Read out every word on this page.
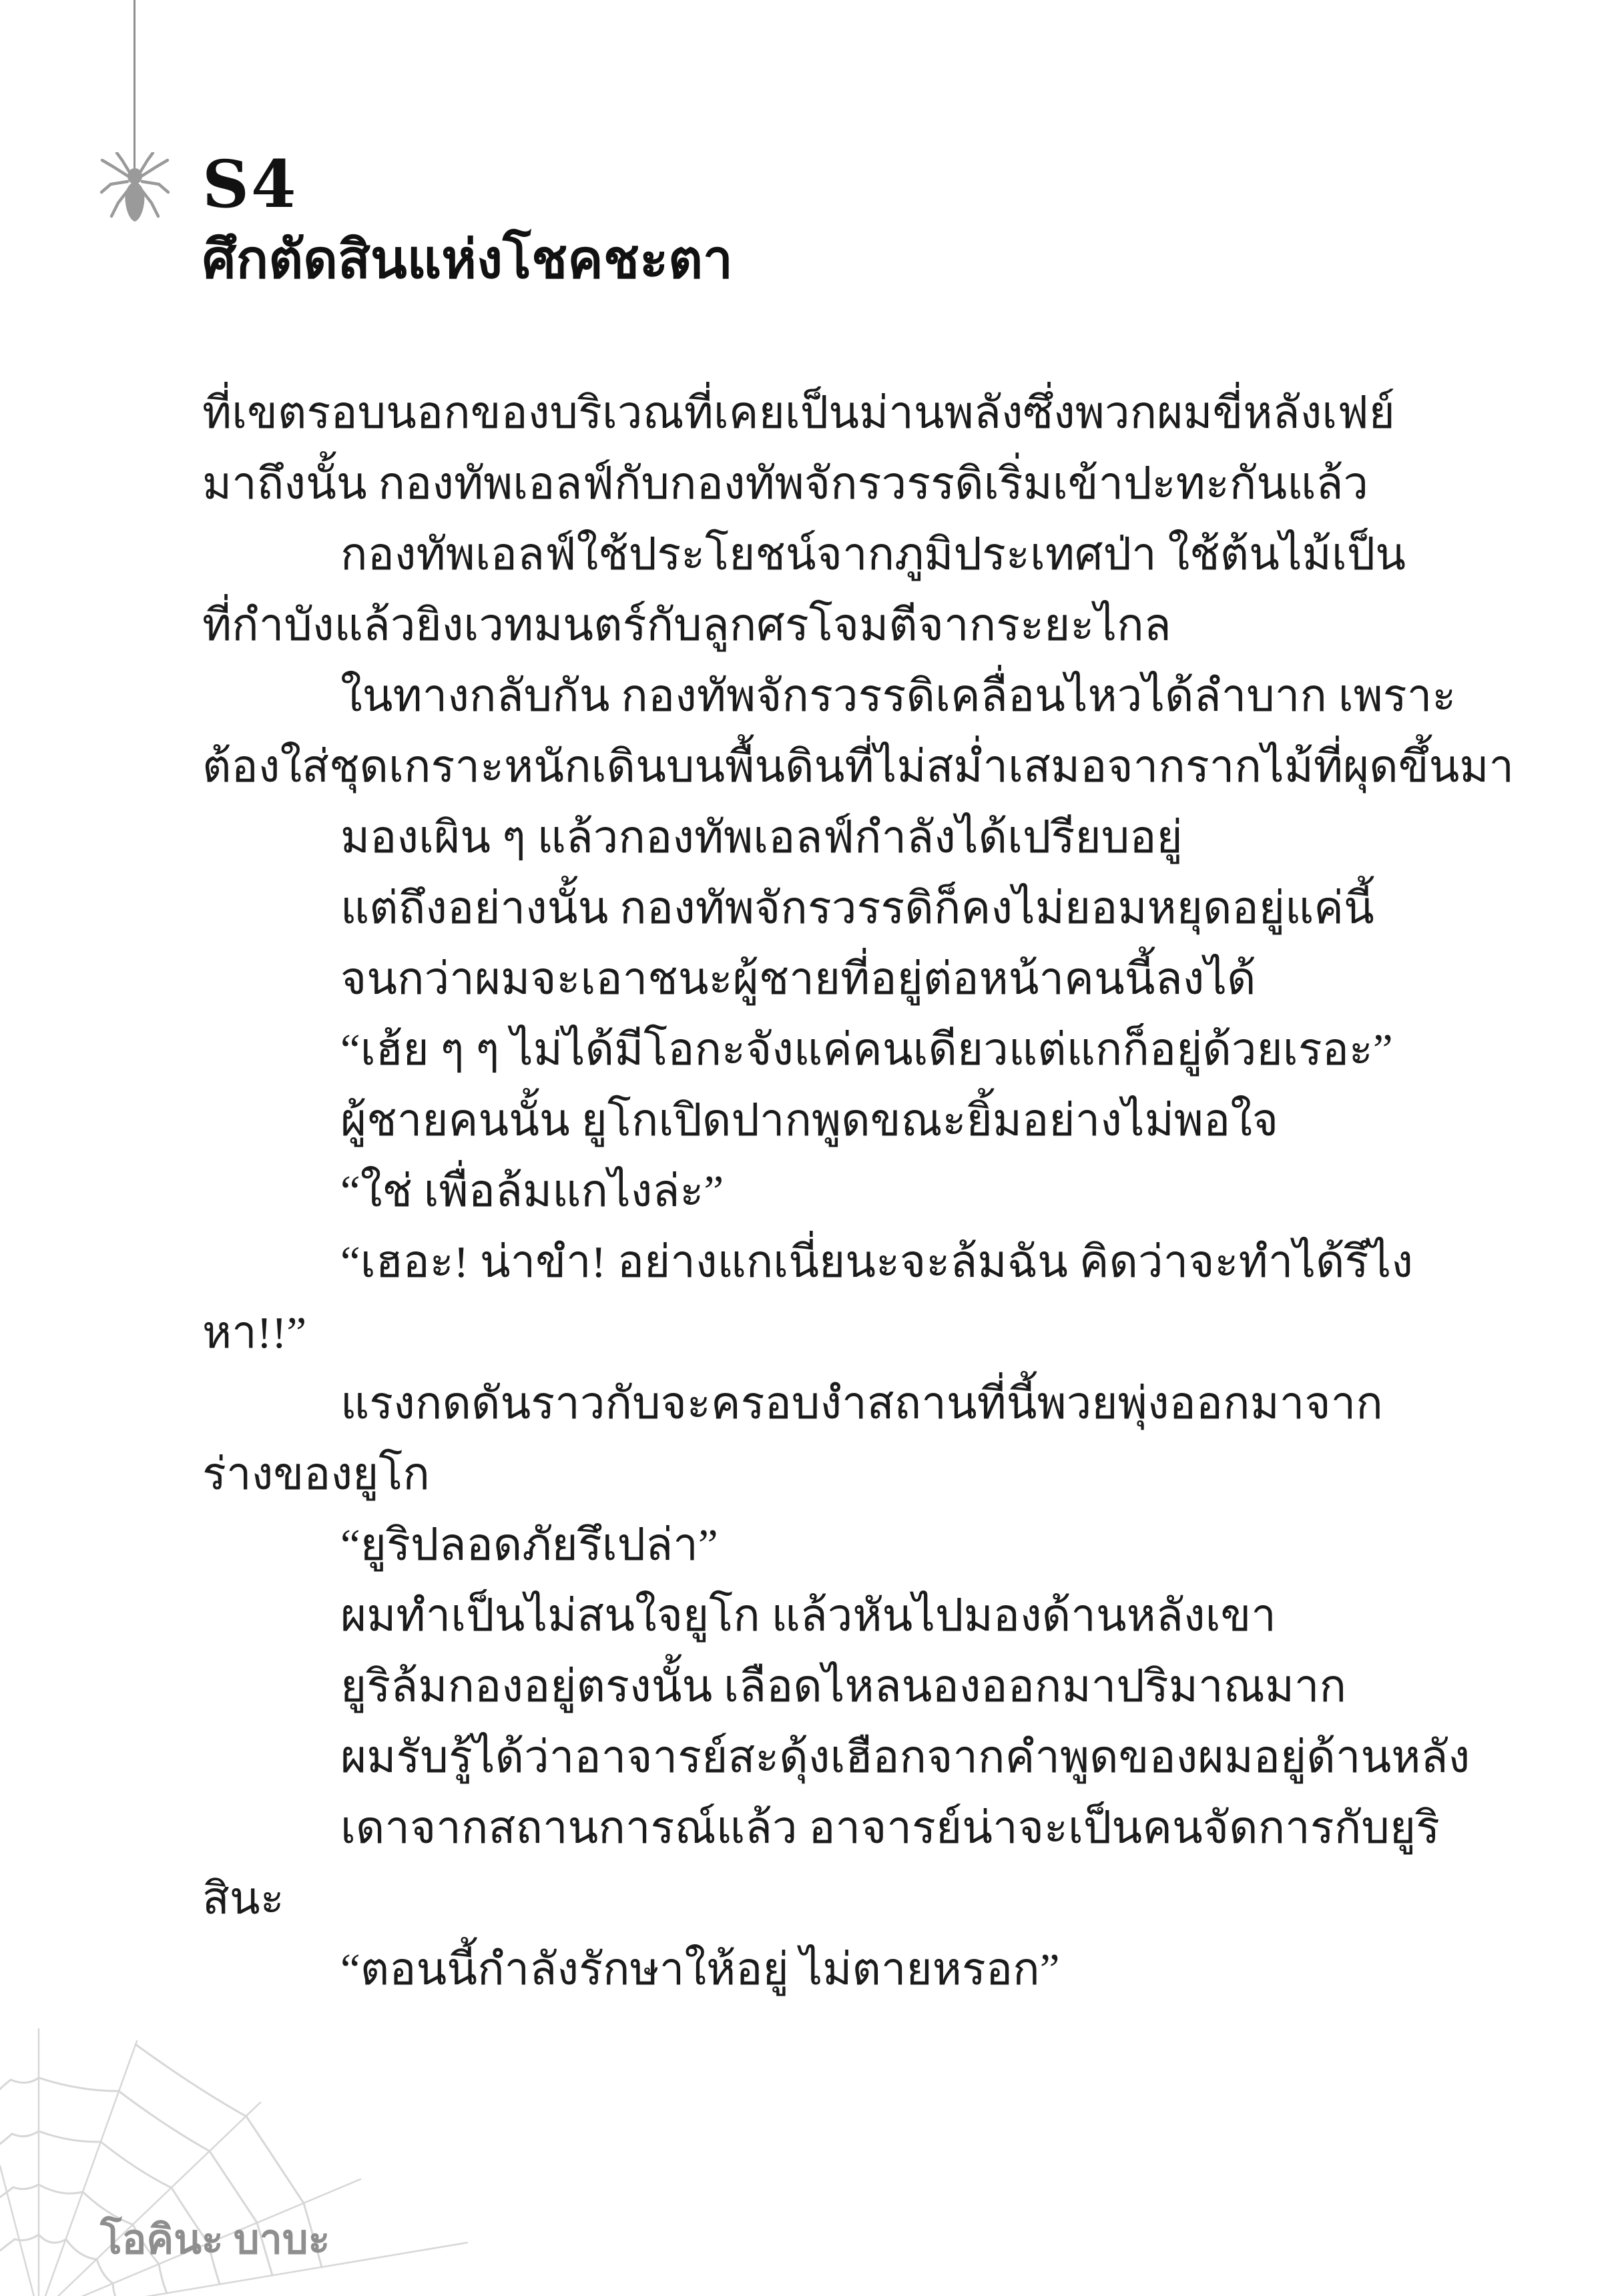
S4
ศึกตัดสินแห่งโชคชะตา
ที่เขตรอบนอกของบริเวณที่เคยเป็นม่านพลังซึ่งพวกผมขี่หลังเฟย์
มาถึงนั้น กองทัพเอลฟ์กับกองทัพจักรวรรดิเริ่มเข้าปะทะกันแล้ว
กองทัพเอลฟ์ใช้ประโยชน์จากภูมิประเทศป่า ใช้ต้นไม้เป็น
ที่กำบังแล้วยิงเวทมนตร์กับลูกศรโจมตีจากระยะไกล
ในทางกลับกัน กองทัพจักรวรรดิเคลื่อนไหวได้ลำบาก เพราะ
ต้องใส่ชุดเกราะหนักเดินบนพื้นดินที่ไม่สม่ำเสมอจากรากไม้ที่ผุดขึ้นมา
มองเผิน ๆ แล้วกองทัพเอลฟ์กำลังได้เปรียบอยู่
แต่ถึงอย่างนั้น กองทัพจักรวรรดิก็คงไม่ยอมหยุดอยู่แค่นี้
จนกว่าผมจะเอาชนะผู้ชายที่อยู่ต่อหน้าคนนี้ลงได้
“เฮ้ย ๆ ๆ ไม่ได้มีโอกะจังแค่คนเดียวแต่แกก็อยู่ด้วยเรอะ”
ผู้ชายคนนั้น ยูโกเปิดปากพูดขณะยิ้มอย่างไม่พอใจ
“ใช่ เพื่อล้มแกไงล่ะ”
“เฮอะ! น่าขำ! อย่างแกเนี่ยนะจะล้มฉัน คิดว่าจะทำได้รึไง
หา!!”
แรงกดดันราวกับจะครอบงำสถานที่นี้พวยพุ่งออกมาจาก
ร่างของยูโก
“ยูริปลอดภัยรึเปล่า”
ผมทำเป็นไม่สนใจยูโก แล้วหันไปมองด้านหลังเขา
ยูริล้มกองอยู่ตรงนั้น เลือดไหลนองออกมาปริมาณมาก
ผมรับรู้ได้ว่าอาจารย์สะดุ้งเฮือกจากคำพูดของผมอยู่ด้านหลัง
เดาจากสถานการณ์แล้ว อาจารย์น่าจะเป็นคนจัดการกับยูริ
สินะ
“ตอนนี้กำลังรักษาให้อยู่ ไม่ตายหรอก”
โอคินะ บาบะ
